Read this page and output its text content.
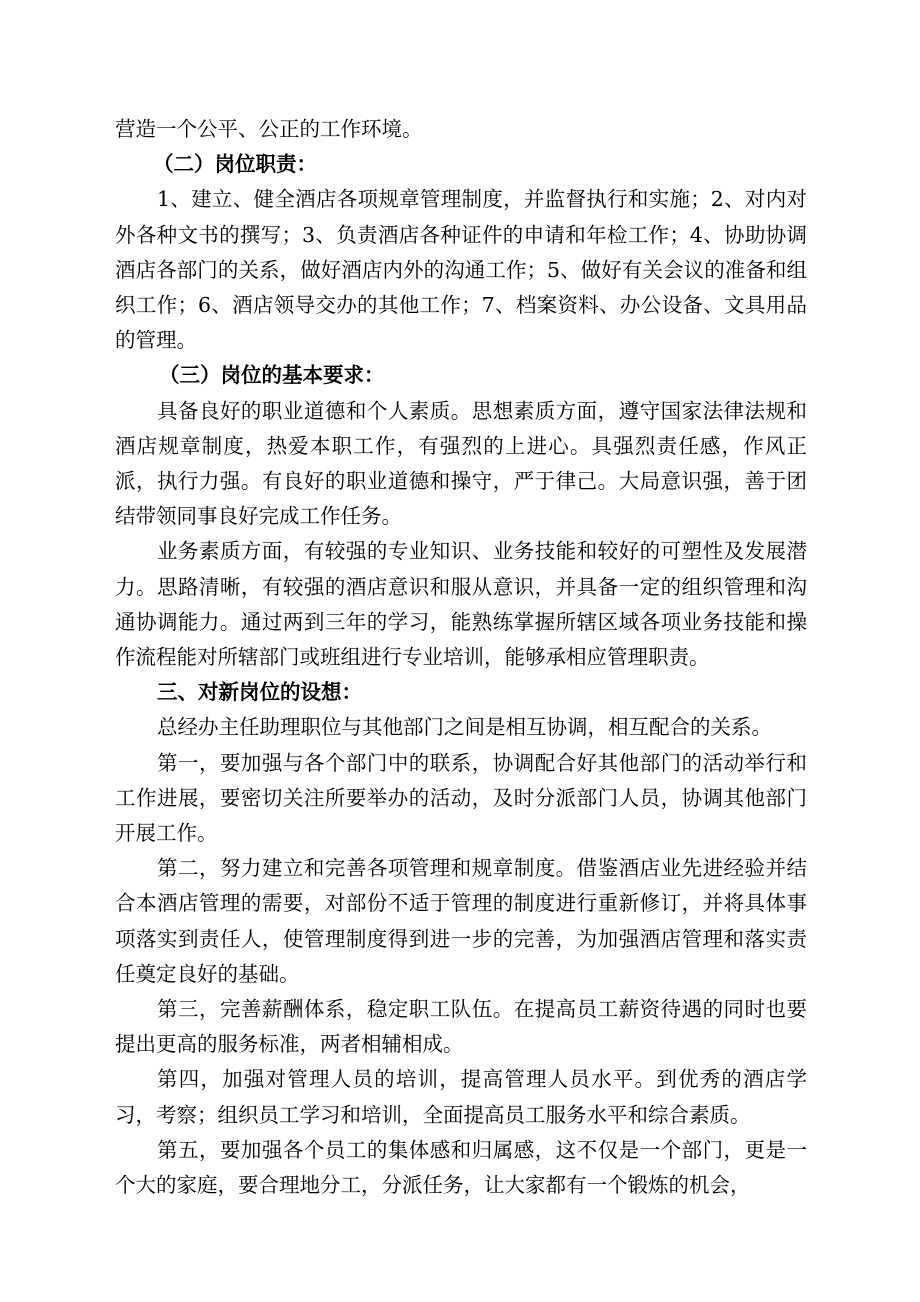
营造一个公平、公正的工作环境。

（二）岗位职责：

1、建立、健全酒店各项规章管理制度，并监督执行和实施；2、对内对外各种文书的撰写；3、负责酒店各种证件的申请和年检工作；4、协助协调酒店各部门的关系，做好酒店内外的沟通工作；5、做好有关会议的准备和组织工作；6、酒店领导交办的其他工作；7、档案资料、办公设备、文具用品的管理。

（三）岗位的基本要求：

具备良好的职业道德和个人素质。思想素质方面，遵守国家法律法规和酒店规章制度，热爱本职工作，有强烈的上进心。具强烈责任感，作风正派，执行力强。有良好的职业道德和操守，严于律己。大局意识强，善于团结带领同事良好完成工作任务。

业务素质方面，有较强的专业知识、业务技能和较好的可塑性及发展潜力。思路清晰，有较强的酒店意识和服从意识，并具备一定的组织管理和沟通协调能力。通过两到三年的学习，能熟练掌握所辖区域各项业务技能和操作流程能对所辖部门或班组进行专业培训，能够承相应管理职责。

三、对新岗位的设想：

总经办主任助理职位与其他部门之间是相互协调，相互配合的关系。

第一，要加强与各个部门中的联系，协调配合好其他部门的活动举行和工作进展，要密切关注所要举办的活动，及时分派部门人员，协调其他部门开展工作。

第二，努力建立和完善各项管理和规章制度。借鉴酒店业先进经验并结合本酒店管理的需要，对部份不适于管理的制度进行重新修订，并将具体事项落实到责任人，使管理制度得到进一步的完善，为加强酒店管理和落实责任奠定良好的基础。

第三，完善薪酬体系，稳定职工队伍。在提高员工薪资待遇的同时也要提出更高的服务标准，两者相辅相成。

第四，加强对管理人员的培训，提高管理人员水平。到优秀的酒店学习，考察；组织员工学习和培训，全面提高员工服务水平和综合素质。

第五，要加强各个员工的集体感和归属感，这不仅是一个部门，更是一个大的家庭，要合理地分工，分派任务，让大家都有一个锻炼的机会，
